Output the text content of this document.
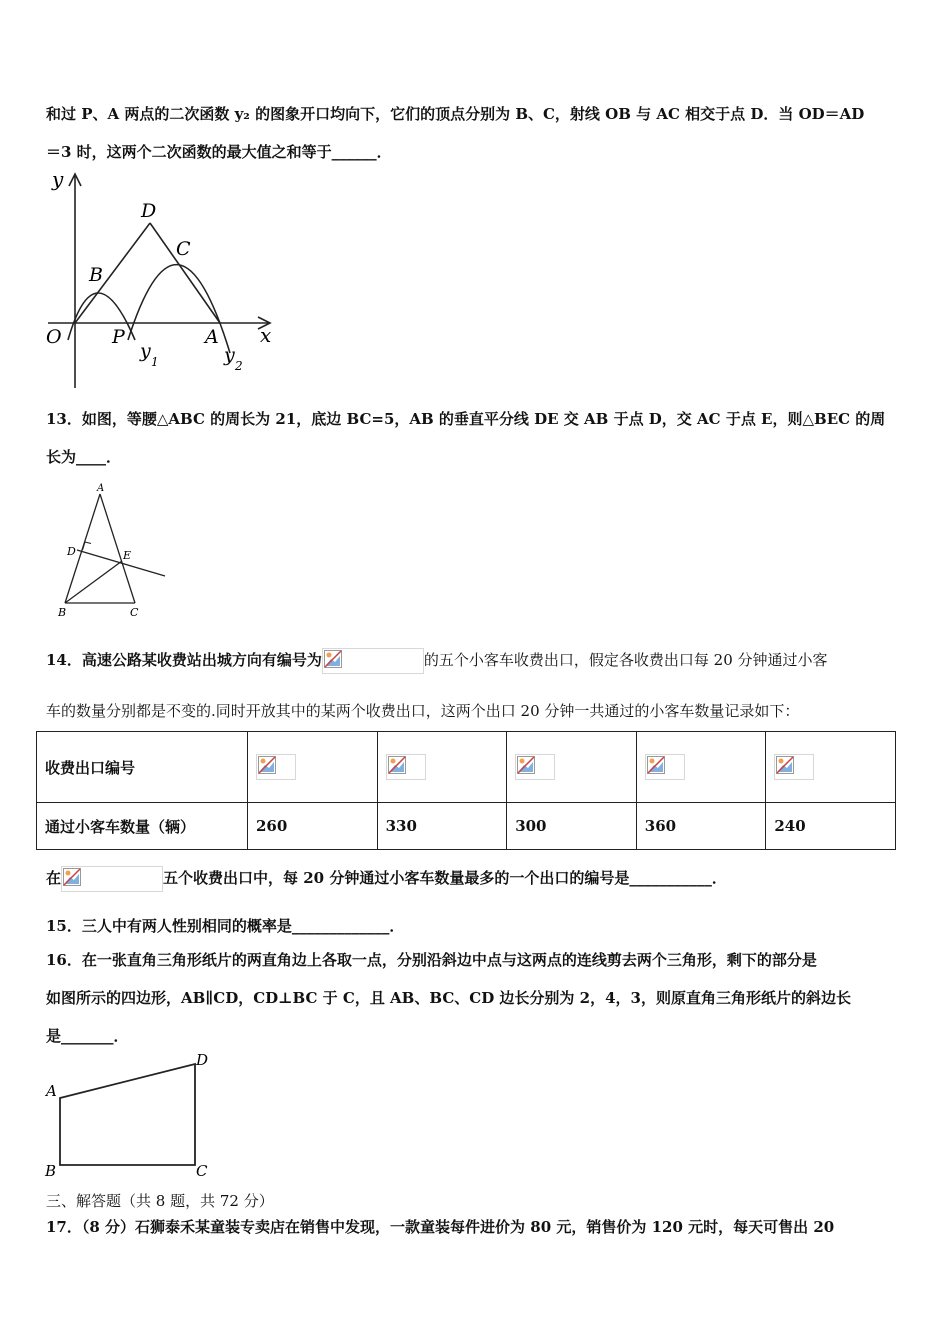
和过 P、A 两点的二次函数 y₂ 的图象开口均向下，它们的顶点分别为 B、C，射线 OB 与 AC 相交于点 D．当 OD＝AD
＝3 时，这两个二次函数的最大值之和等于______．
y
x
O	P	A
B
C
D
y 1	y 2
13．如图，等腰△ABC 的周长为 21，底边 BC=5，AB 的垂直平分线 DE 交 AB 于点 D，交 AC 于点 E，则△BEC 的周
长为____．
A
D	E
B	C
14．高速公路某收费站出城方向有编号为	的五个小客车收费出口，假定各收费出口每 20 分钟通过小客
车的数量分别都是不变的.同时开放其中的某两个收费出口，这两个出口 20 分钟一共通过的小客车数量记录如下：
收费出口编号	

通过小客车数量（辆）	260	330	300	360	240
在	五个收费出口中，每 20 分钟通过小客车数量最多的一个出口的编号是___________．
15．三人中有两人性别相同的概率是_____________．
16．在一张直角三角形纸片的两直角边上各取一点，分别沿斜边中点与这两点的连线剪去两个三角形，剩下的部分是
如图所示的四边形，AB∥CD，CD⊥BC 于 C，且 AB、BC、CD 边长分别为 2，4，3，则原直角三角形纸片的斜边长
是_______．
A
D
B	C
三、解答题（共 8 题，共 72 分）
17．（8 分）石狮泰禾某童装专卖店在销售中发现，一款童装每件进价为 80 元，销售价为 120 元时，每天可售出 20
